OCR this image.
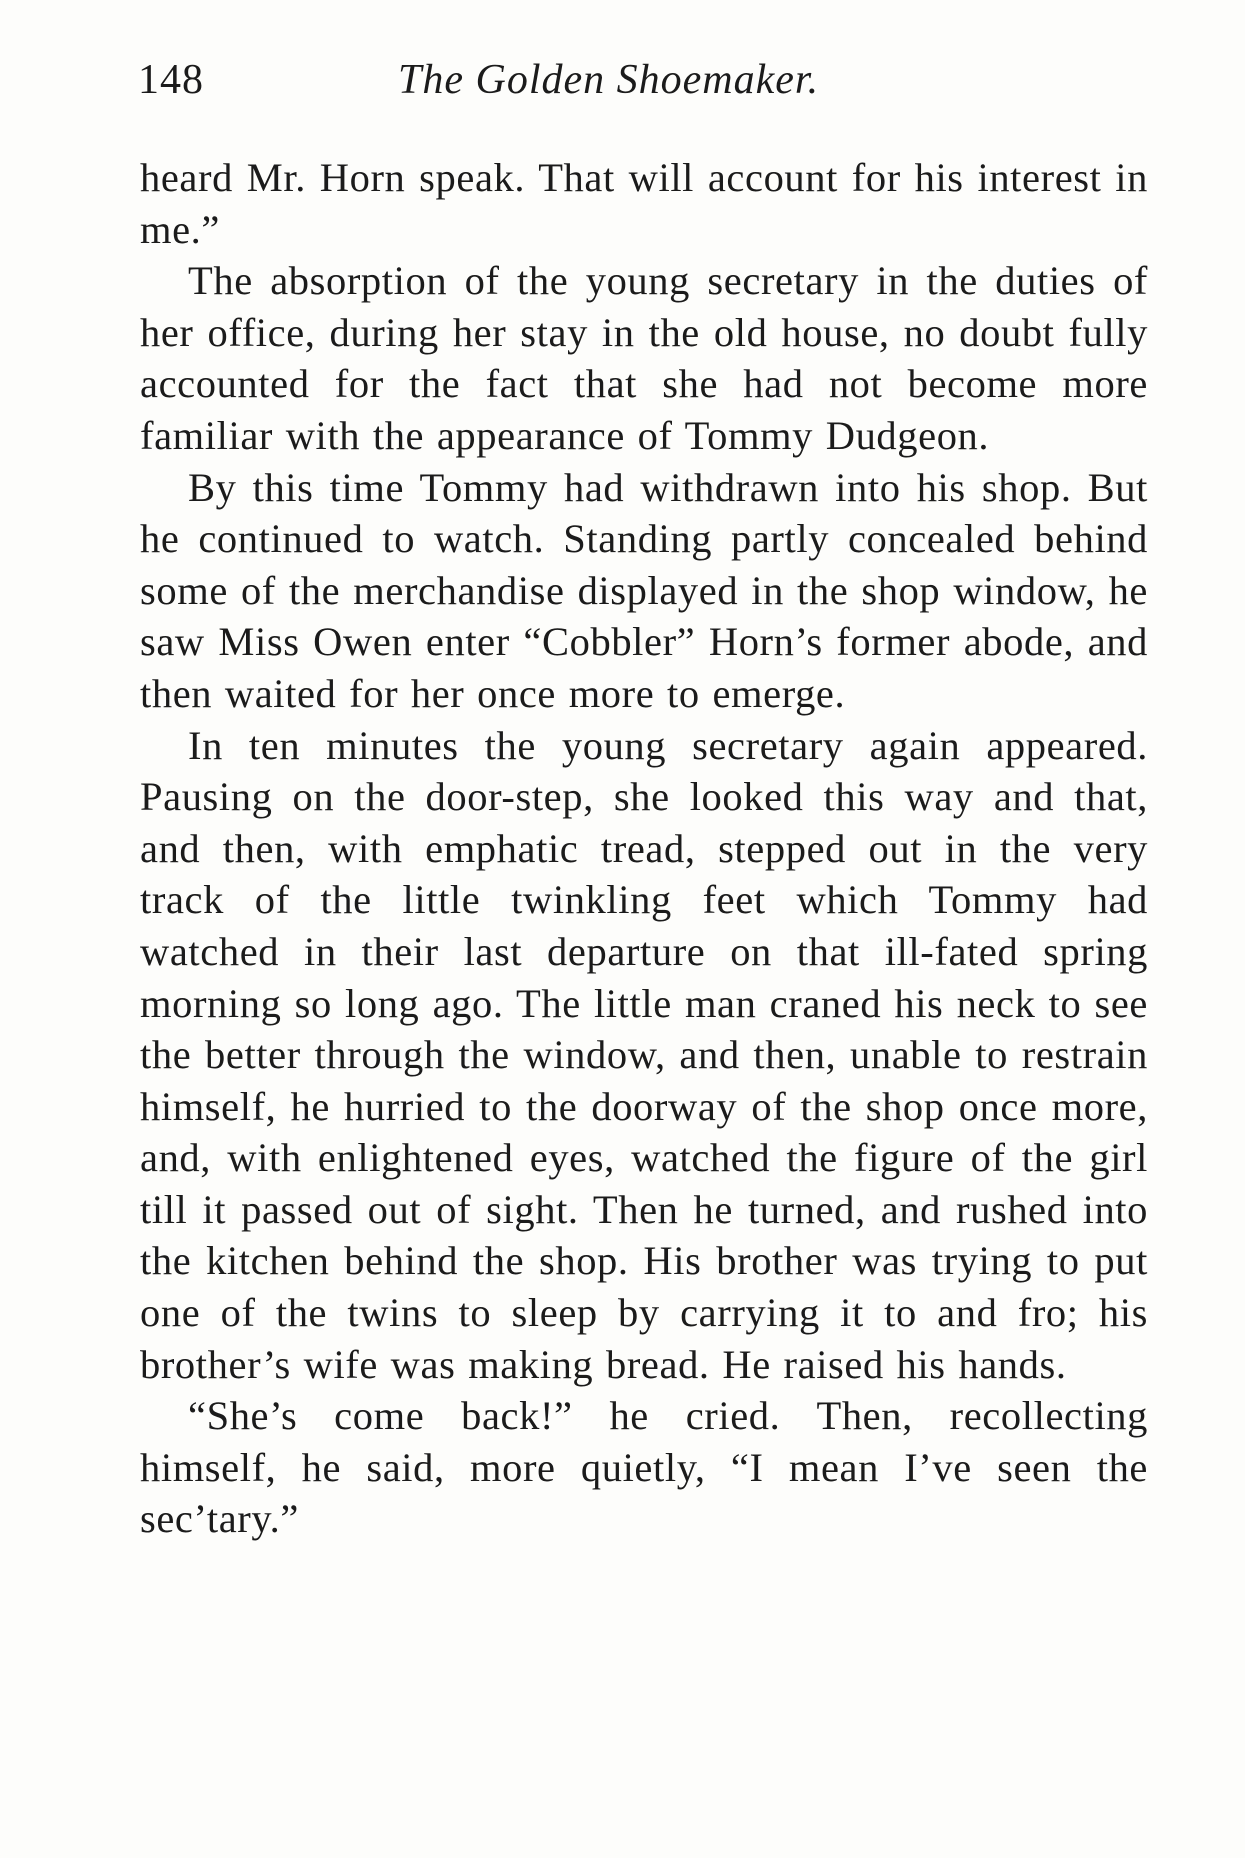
148	The Golden Shoemaker.

heard Mr. Horn speak. That will account for his interest in me.”

The absorption of the young secretary in the duties of her office, during her stay in the old house, no doubt fully accounted for the fact that she had not become more familiar with the appearance of Tommy Dudgeon.

By this time Tommy had withdrawn into his shop. But he continued to watch. Standing partly concealed behind some of the merchandise displayed in the shop window, he saw Miss Owen enter “Cobbler” Horn’s former abode, and then waited for her once more to emerge.

In ten minutes the young secretary again appeared. Pausing on the door-step, she looked this way and that, and then, with emphatic tread, stepped out in the very track of the little twinkling feet which Tommy had watched in their last departure on that ill-fated spring morning so long ago. The little man craned his neck to see the better through the window, and then, unable to restrain himself, he hurried to the doorway of the shop once more, and, with enlightened eyes, watched the figure of the girl till it passed out of sight. Then he turned, and rushed into the kitchen behind the shop. His brother was trying to put one of the twins to sleep by carrying it to and fro; his brother’s wife was making bread. He raised his hands.

“She’s come back!” he cried. Then, recollecting himself, he said, more quietly, “I mean I’ve seen the sec’tary.”
